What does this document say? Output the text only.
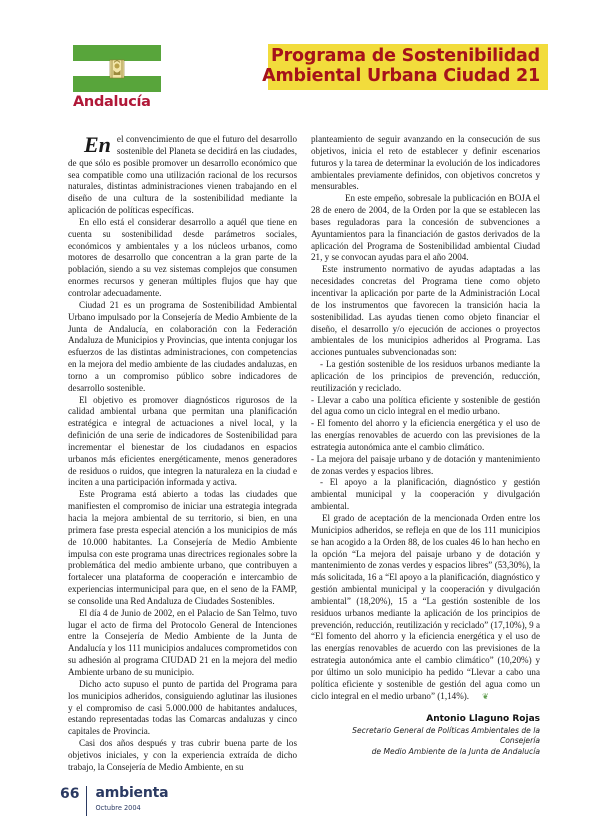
Andalucía
Programa de Sostenibilidad
Ambiental Urbana Ciudad 21

En el convencimiento de que el futuro del desarrollo sostenible del Planeta se decidirá en las ciudades, de que sólo es posible promover un desarrollo económico que sea compatible como una utilización racional de los recursos naturales, distintas administraciones vienen trabajando en el diseño de una cultura de la sostenibilidad mediante la aplicación de políticas específicas.

En ello está el considerar desarrollo a aquél que tiene en cuenta su sostenibilidad desde parámetros sociales, económicos y ambientales y a los núcleos urbanos, como motores de desarrollo que concentran a la gran parte de la población, siendo a su vez sistemas complejos que consumen enormes recursos y generan múltiples flujos que hay que controlar adecuadamente.

Ciudad 21 es un programa de Sostenibilidad Ambiental Urbano impulsado por la Consejería de Medio Ambiente de la Junta de Andalucía, en colaboración con la Federación Andaluza de Municipios y Provincias, que intenta conjugar los esfuerzos de las distintas administraciones, con competencias en la mejora del medio ambiente de las ciudades andaluzas, en torno a un compromiso público sobre indicadores de desarrollo sostenible.

El objetivo es promover diagnósticos rigurosos de la calidad ambiental urbana que permitan una planificación estratégica e integral de actuaciones a nivel local, y la definición de una serie de indicadores de Sostenibilidad para incrementar el bienestar de los ciudadanos en espacios urbanos más eficientes energéticamente, menos generadores de residuos o ruidos, que integren la naturaleza en la ciudad e inciten a una participación informada y activa.

Este Programa está abierto a todas las ciudades que manifiesten el compromiso de iniciar una estrategia integrada hacia la mejora ambiental de su territorio, si bien, en una primera fase presta especial atención a los municipios de más de 10.000 habitantes. La Consejería de Medio Ambiente impulsa con este programa unas directrices regionales sobre la problemática del medio ambiente urbano, que contribuyen a fortalecer una plataforma de cooperación e intercambio de experiencias intermunicipal para que, en el seno de la FAMP, se consolide una Red Andaluza de Ciudades Sostenibles.

El día 4 de Junio de 2002, en el Palacio de San Telmo, tuvo lugar el acto de firma del Protocolo General de Intenciones entre la Consejería de Medio Ambiente de la Junta de Andalucía y los 111 municipios andaluces comprometidos con su adhesión al programa CIUDAD 21 en la mejora del medio Ambiente urbano de su municipio.

Dicho acto supuso el punto de partida del Programa para los municipios adheridos, consiguiendo aglutinar las ilusiones y el compromiso de casi 5.000.000 de habitantes andaluces, estando representadas todas las Comarcas andaluzas y cinco capitales de Provincia.

Casi dos años después y tras cubrir buena parte de los objetivos iniciales, y con la experiencia extraída de dicho trabajo, la Consejería de Medio Ambiente, en su

planteamiento de seguir avanzando en la consecución de sus objetivos, inicia el reto de establecer y definir escenarios futuros y la tarea de determinar la evolución de los indicadores ambientales previamente definidos, con objetivos concretos y mensurables.

En este empeño, sobresale la publicación en BOJA el 28 de enero de 2004, de la Orden por la que se establecen las bases reguladoras para la concesión de subvenciones a Ayuntamientos para la financiación de gastos derivados de la aplicación del Programa de Sostenibilidad ambiental Ciudad 21, y se convocan ayudas para el año 2004.

Este instrumento normativo de ayudas adaptadas a las necesidades concretas del Programa tiene como objeto incentivar la aplicación por parte de la Administración Local de los instrumentos que favorecen la transición hacia la sostenibilidad. Las ayudas tienen como objeto financiar el diseño, el desarrollo y/o ejecución de acciones o proyectos ambientales de los municipios adheridos al Programa. Las acciones puntuales subvencionadas son:

- La gestión sostenible de los residuos urbanos mediante la aplicación de los principios de prevención, reducción, reutilización y reciclado.

- Llevar a cabo una política eficiente y sostenible de gestión del agua como un ciclo integral en el medio urbano.

- El fomento del ahorro y la eficiencia energética y el uso de las energías renovables de acuerdo con las previsiones de la estrategia autonómica ante el cambio climático.

- La mejora del paisaje urbano y de dotación y mantenimiento de zonas verdes y espacios libres.

- El apoyo a la planificación, diagnóstico y gestión ambiental municipal y la cooperación y divulgación ambiental.

El grado de aceptación de la mencionada Orden entre los Municipios adheridos, se refleja en que de los 111 municipios se han acogido a la Orden 88, de los cuales 46 lo han hecho en la opción “La mejora del paisaje urbano y de dotación y mantenimiento de zonas verdes y espacios libres” (53,30%), la más solicitada, 16 a “El apoyo a la planificación, diagnóstico y gestión ambiental municipal y la cooperación y divulgación ambiental” (18,20%), 15 a “La gestión sostenible de los residuos urbanos mediante la aplicación de los principios de prevención, reducción, reutilización y reciclado” (17,10%), 9 a “El fomento del ahorro y la eficiencia energética y el uso de las energías renovables de acuerdo con las previsiones de la estrategia autonómica ante el cambio climático” (10,20%) y por último un solo municipio ha pedido “Llevar a cabo una política eficiente y sostenible de gestión del agua como un ciclo integral en el medio urbano” (1,14%). ❦

Antonio Llaguno Rojas
Secretario General de Políticas Ambientales de la Consejería
de Medio Ambiente de la Junta de Andalucía
66	ambienta
Octubre 2004
